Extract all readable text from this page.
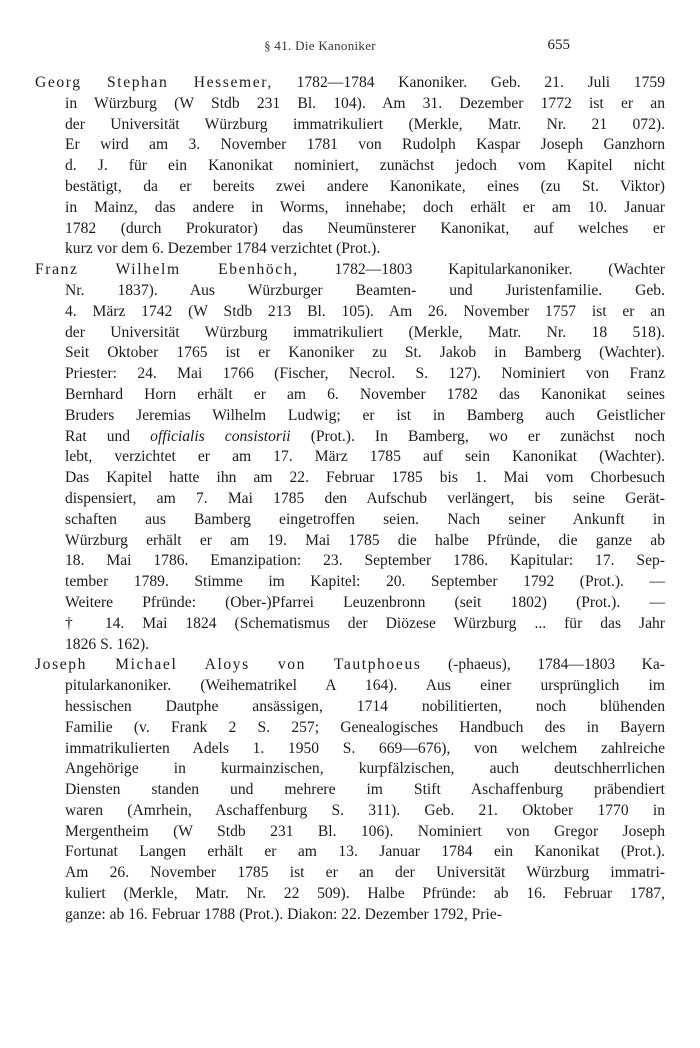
§ 41. Die Kanoniker	655
Georg Stephan Hessemer, 1782—1784 Kanoniker. Geb. 21. Juli 1759
in Würzburg (W Stdb 231 Bl. 104). Am 31. Dezember 1772 ist er an
der Universität Würzburg immatrikuliert (Merkle, Matr. Nr. 21 072).
Er wird am 3. November 1781 von Rudolph Kaspar Joseph Ganzhorn
d. J. für ein Kanonikat nominiert, zunächst jedoch vom Kapitel nicht
bestätigt, da er bereits zwei andere Kanonikate, eines (zu St. Viktor)
in Mainz, das andere in Worms, innehabe; doch erhält er am 10. Januar
1782 (durch Prokurator) das Neumünsterer Kanonikat, auf welches er
kurz vor dem 6. Dezember 1784 verzichtet (Prot.).
Franz Wilhelm Ebenhöch, 1782—1803 Kapitularkanoniker. (Wachter
Nr. 1837). Aus Würzburger Beamten- und Juristenfamilie. Geb.
4. März 1742 (W Stdb 213 Bl. 105). Am 26. November 1757 ist er an
der Universität Würzburg immatrikuliert (Merkle, Matr. Nr. 18 518).
Seit Oktober 1765 ist er Kanoniker zu St. Jakob in Bamberg (Wachter).
Priester: 24. Mai 1766 (Fischer, Necrol. S. 127). Nominiert von Franz
Bernhard Horn erhält er am 6. November 1782 das Kanonikat seines
Bruders Jeremias Wilhelm Ludwig; er ist in Bamberg auch Geistlicher
Rat und officialis consistorii (Prot.). In Bamberg, wo er zunächst noch
lebt, verzichtet er am 17. März 1785 auf sein Kanonikat (Wachter).
Das Kapitel hatte ihn am 22. Februar 1785 bis 1. Mai vom Chorbesuch
dispensiert, am 7. Mai 1785 den Aufschub verlängert, bis seine Gerät-
schaften aus Bamberg eingetroffen seien. Nach seiner Ankunft in
Würzburg erhält er am 19. Mai 1785 die halbe Pfründe, die ganze ab
18. Mai 1786. Emanzipation: 23. September 1786. Kapitular: 17. Sep-
tember 1789. Stimme im Kapitel: 20. September 1792 (Prot.). —
Weitere Pfründe: (Ober-)Pfarrei Leuzenbronn (seit 1802) (Prot.). —
† 14. Mai 1824 (Schematismus der Diözese Würzburg ... für das Jahr
1826 S. 162).
Joseph Michael Aloys von Tautphoeus (-phaeus), 1784—1803 Ka-
pitularkanoniker. (Weihematrikel A 164). Aus einer ursprünglich im
hessischen Dautphe ansässigen, 1714 nobilitierten, noch blühenden
Familie (v. Frank 2 S. 257; Genealogisches Handbuch des in Bayern
immatrikulierten Adels 1. 1950 S. 669—676), von welchem zahlreiche
Angehörige in kurmainzischen, kurpfälzischen, auch deutschherrlichen
Diensten standen und mehrere im Stift Aschaffenburg präbendiert
waren (Amrhein, Aschaffenburg S. 311). Geb. 21. Oktober 1770 in
Mergentheim (W Stdb 231 Bl. 106). Nominiert von Gregor Joseph
Fortunat Langen erhält er am 13. Januar 1784 ein Kanonikat (Prot.).
Am 26. November 1785 ist er an der Universität Würzburg immatri-
kuliert (Merkle, Matr. Nr. 22 509). Halbe Pfründe: ab 16. Februar 1787,
ganze: ab 16. Februar 1788 (Prot.). Diakon: 22. Dezember 1792, Prie-
